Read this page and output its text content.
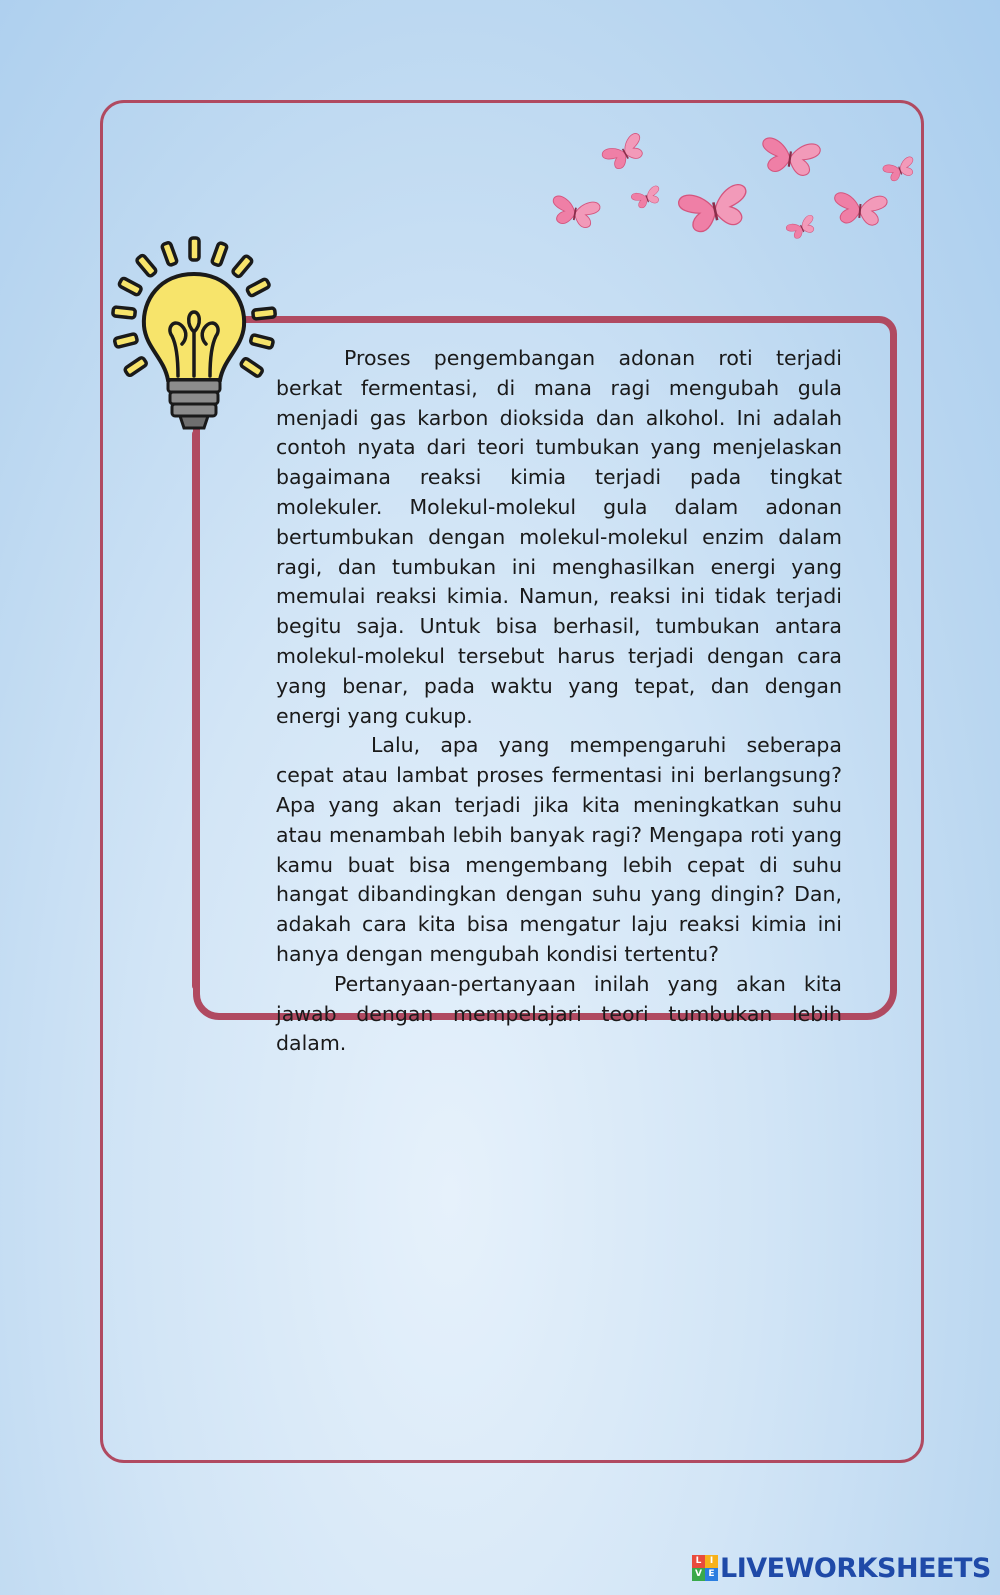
Proses pengembangan adonan roti terjadi berkat fermentasi, di mana ragi mengubah gula menjadi gas karbon dioksida dan alkohol. Ini adalah contoh nyata dari teori tumbukan yang menjelaskan bagaimana reaksi kimia terjadi pada tingkat molekuler. Molekul-molekul gula dalam adonan bertumbukan dengan molekul-molekul enzim dalam ragi, dan tumbukan ini menghasilkan energi yang memulai reaksi kimia. Namun, reaksi ini tidak terjadi begitu saja. Untuk bisa berhasil, tumbukan antara molekul-molekul tersebut harus terjadi dengan cara yang benar, pada waktu yang tepat, dan dengan energi yang cukup.

Lalu, apa yang mempengaruhi seberapa cepat atau lambat proses fermentasi ini berlangsung? Apa yang akan terjadi jika kita meningkatkan suhu atau menambah lebih banyak ragi? Mengapa roti yang kamu buat bisa mengembang lebih cepat di suhu hangat dibandingkan dengan suhu yang dingin? Dan, adakah cara kita bisa mengatur laju reaksi kimia ini hanya dengan mengubah kondisi tertentu?

Pertanyaan-pertanyaan inilah yang akan kita jawab dengan mempelajari teori tumbukan lebih dalam.

L I
V E LIVEWORKSHEETS
